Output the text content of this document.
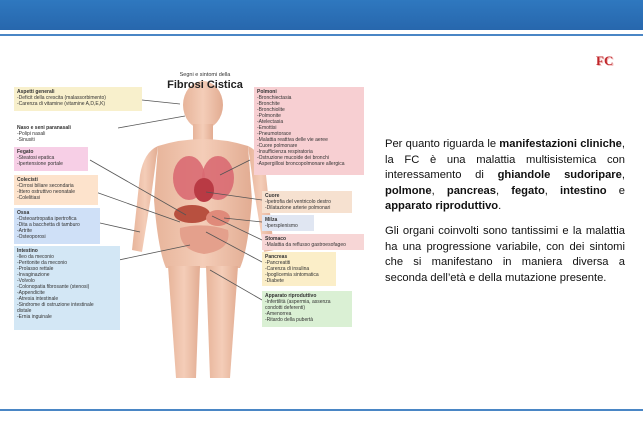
FC
Segni e sintomi della
Fibrosi Cistica
Aspetti generali
-Deficit della crescita (malassorbimento)
-Carenza di vitamine (vitamine A,D,E,K)
Naso e seni paranasali
-Polipi nasali
-Sinusiti
Fegato
-Steatosi epatica
-Ipertensione portale
Colecisti
-Cirrosi biliare secondaria
-Ittero ostruttivo neonatale
-Colelitiasi
Ossa
-Osteoartropatia ipertrofica
-Dita a bacchetta di tamburo
-Artrite
-Osteoporosi
Intestino
-Ileo da meconio
-Peritonite da meconio
-Prolasso rettale
-Invaginazione
-Volvolo
-Colonopatia fibrosante (stenosi)
-Appendicite
-Atresia intestinale
-Sindrome di ostruzione intestinale
distale
-Ernia inguinale
Polmoni
-Bronchiectasia
-Bronchite
-Bronchiolite
-Polmonite
-Atelectasia
-Emottisi
-Pneumotorace
-Malattia reattiva delle vie aeree
-Cuore polmonare
-Insufficienza respiratoria
-Ostruzione mucoide dei bronchi
-Aspergillosi broncopolmonare allergica
Cuore
-Ipetrofia del ventricolo destro
-Dilatazione arterie polmonari
Milza
-Ipersplenismo
Stomaco
-Malattia da reflusso gastroesofageo
Pancreas
-Pancreatiti
-Carenza di insulina
-Ipoglicemia sintomatica
-Diabete
Apparato riproduttivo
-Infertilità (aspermia, assenza
condotti deferenti)
-Amenorrea
-Ritardo della pubertà

Per quanto riguarda le manifestazioni cliniche, la FC è una malattia multisistemica con interessamento di ghiandole sudoripare, polmone, pancreas, fegato, intestino e apparato riproduttivo.

Gli organi coinvolti sono tantissimi e la malattia ha una progressione variabile, con dei sintomi che si manifestano in maniera diversa a seconda dell’età e della mutazione presente.
